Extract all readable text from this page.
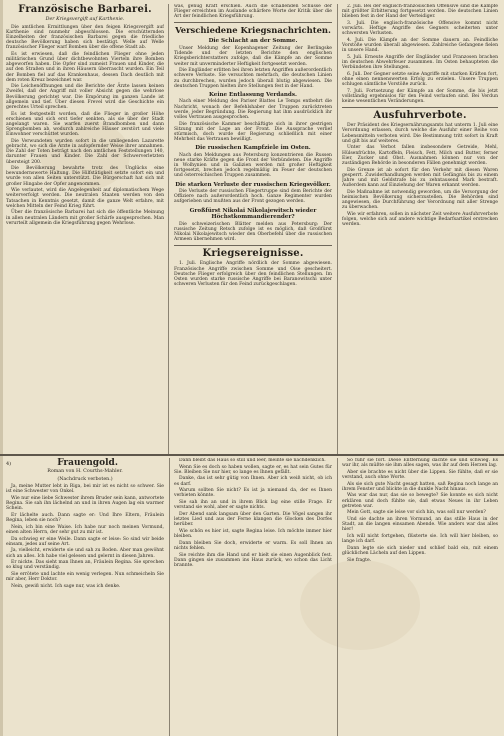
Französische Barbarei.
Der Kriegsvergift auf Karthenie.

Die amtlichen Ermittlungen über den feigen Kriegsvergift auf Karthenie sind nunmehr abgeschlossen. Die erschütternden Einzelheiten der französischen Barbarei gegen die friedliche deutsche Bevölkerung haben sich bestätigt. Welle auf Welle französischer Flieger warf Bomben über die offene Stadt ab.

Es ist erwiesen, daß die feindlichen Flieger ohne jeden militärischen Grund über dichtbewohnten Vierteln ihre Bomben abgeworfen haben. Die Opfer sind zumeist Frauen und Kinder, die auf den Straßen und in ihren Häusern überrascht wurden. Ein Teil der Bomben fiel auf das Krankenhaus, dessen Dach deutlich mit dem roten Kreuz bezeichnet war.

Die Leichenöffnungen und die Berichte der Ärzte lassen keinen Zweifel, daß der Angriff mit voller Absicht gegen die wehrlose Bevölkerung gerichtet war. Die Empörung im ganzen Lande ist allgemein und tief. Über diesen Frevel wird die Geschichte ein gerechtes Urteil sprechen.

Es ist festgestellt worden, daß die Flieger in großer Höhe erschienen und sich erst tiefer senkten, als sie über der Stadt angelangt waren. Sie warfen zuerst Brandbomben und dann Sprengbomben ab, wodurch zahlreiche Häuser zerstört und viele Einwohner verschüttet wurden.

Die Verwundeten wurden sofort in die umliegenden Lazarette gebracht, wo sich die Ärzte in aufopfernder Weise ihrer annahmen. Die Zahl der Toten beträgt nach den amtlichen Feststellungen 140, darunter Frauen und Kinder. Die Zahl der Schwerverletzten übersteigt 200.

Die Bevölkerung bewahrte trotz des Unglücks eine bewundernswerte Haltung. Die Hilfstätigkeit setzte sofort ein und wurde von allen Seiten unterstützt. Die Bürgerschaft hat sich mit großer Hingabe der Opfer angenommen.

Wie verlautet, wird die Angelegenheit auf diplomatischem Wege weiterverfolgt werden. Die neutralen Staaten werden von den Tatsachen in Kenntnis gesetzt, damit die ganze Welt erfahre, mit welchen Mitteln der Feind Krieg führt.

Über die französische Barbarei hat sich die öffentliche Meinung in allen neutralen Ländern mit großer Schärfe ausgesprochen. Man verurteilt allgemein die Kriegsführung gegen Wehrlose.

was, genug Kraft erschien. Auch die schallenden Schüsse der Flieger erreichten im Auslande schärfere Worte der Kritik über die Art der feindlichen Kriegsführung.

Verschiedene Kriegsnachrichten.
Die Schlacht an der Somme.

Unser Meldung der Kopenhagener Zeitung der Berlingske Tidende und der letzten Berichte den englischen Kriegsberichterstatters zufolge, daß die Kämpfe an der Somme weiter mit unverminderter Heftigkeit fortgesetzt werden.

Die Engländer erlitten bei ihren letzten Angriffen außerordentlich schwere Verluste. Sie versuchten mehrfach, die deutschen Linien zu durchbrechen, wurden jedoch überall blutig abgewiesen. Die deutschen Truppen hielten ihre Stellungen fest in der Hand.

Keine Entlassung Verdands.

Nach einer Meldung des Pariser Blattes Le Temps entbehrt die Nachricht, wonach der Befehlshaber der Truppen zurücktreten werde, jeder Begründung. Die Regierung hat ihm ausdrücklich ihr volles Vertrauen ausgesprochen.

Die französische Kammer beschäftigte sich in ihrer gestrigen Sitzung mit der Lage an der Front. Die Aussprache verlief stürmisch, doch wurde der Regierung schließlich mit einer Mehrheit das Vertrauen bewilligt.

Die russischen Kampfziele im Osten.

Nach den Meldungen aus Petersburg konzentrieren die Russen neue starke Kräfte gegen die Front der Verbündeten. Die Angriffe in Wolhynien und in Galizien werden mit großer Heftigkeit fortgesetzt, brechen jedoch regelmäßig im Feuer der deutschen und österreichischen Truppen zusammen.

Die starken Verluste der russischen Kriegsvölker.

Die Verluste der russischen Fliegertruppe sind dem Berichte der Offiziere nach außerordentlich hoch. Ganze Regimenter wurden aufgerieben und mußten aus der Front gezogen werden.

Großfürst Nikolai Nikolajewitsch wieder Höchstkommandierender?

Die schweizerischen Blätter melden aus Petersburg: Der russische Zeitung Retsch zufolge ist es möglich, daß Großfürst Nikolai Nikolajewitsch wieder den Oberbefehl über die russischen Armeen übernehmen wird.

Kriegsereignisse.

1. Juli. Englische Angriffe nördlich der Somme abgewiesen. Französische Angriffe zwischen Somme und Oise gescheitert. Deutsche Flieger erfolgreich über den feindlichen Stellungen. Im Osten wurden starke russische Angriffe bei Baranowitschi unter schweren Verlusten für den Feind zurückgeschlagen.

2. Juli. Bei der englisch-französischen Offensive sind die Kämpfe mit größter Erbitterung fortgesetzt worden. Die deutschen Linien blieben fest in der Hand der Verteidiger.

3. Juli. Die englisch-französische Offensive kommt nicht vorwärts. Heftige Angriffe des Gegners scheiterten unter schwersten Verlusten.

4. Juli. Die Kämpfe an der Somme dauern an. Feindliche Vorstöße wurden überall abgewiesen. Zahlreiche Gefangene fielen in unsere Hand.

5. Juli. Erneute Angriffe der Engländer und Franzosen brachen im deutschen Abwehrfeuer zusammen. Im Osten behaupteten die Verbündeten ihre Stellungen.

6. Juli. Der Gegner setzte seine Angriffe mit starken Kräften fort, ohne einen nennenswerten Erfolg zu erzielen. Unsere Truppen schlugen sämtliche Vorstöße zurück.

7. Juli. Fortsetzung der Kämpfe an der Somme, die bis jetzt vollständig ergebnislos für den Feind verlaufen sind. Bei Verdun keine wesentlichen Veränderungen.

Ausfuhrverbote.

Der Präsident des Kriegsernährungsamts hat unterm 1. Juli eine Verordnung erlassen, durch welche die Ausfuhr einer Reihe von Lebensmitteln verboten wird. Die Bestimmung tritt sofort in Kraft und gilt bis auf weiteres.

Unter das Verbot fallen insbesondere Getreide, Mehl, Hülsenfrüchte, Kartoffeln, Fleisch, Fett, Milch und Butter, ferner Eier, Zucker und Obst. Ausnahmen können nur von der zuständigen Behörde in besonderen Fällen genehmigt werden.

Die Grenze ist ab sofort für den Verkehr mit diesen Waren gesperrt. Zuwiderhandlungen werden mit Gefängnis bis zu einem Jahre und mit Geldstrafe bis zu zehntausend Mark bestraft. Außerdem kann auf Einziehung der Waren erkannt werden.

Die Maßnahme ist notwendig geworden, um die Versorgung der heimischen Bevölkerung sicherzustellen. Die Behörden sind angewiesen, die Durchführung der Verordnung mit aller Strenge zu überwachen.

Wie wir erfahren, sollen in nächster Zeit weitere Ausfuhrverbote folgen, welche sich auf andere wichtige Bedarfsartikel erstrecken werden.

4)	Frauengold.
Roman von H. Courths-Mahler.
(Nachdruck verboten.)

Ja, meine Mutter lebt in Riga, bei mir ist es nicht so schwer. Sie ist eine Schwester von Onkel.

Wie nur eine liebe Schwester ihrem Bruder sein kann, antwortete Regina. Sie sah ihn lächelnd an und in ihren Augen lag ein warmer Schein.

Er lächelte auch. Dann sagte er: Und Ihre Eltern, Fräulein Regina, leben sie noch?

Nein, ich bin eine Waise. Ich habe nur noch meinen Vormund, einen alten Herrn, der sehr gut zu mir ist.

Da schwieg er eine Weile. Dann sagte er leise: So sind wir beide einsam, jedes auf seine Art.

Ja, vielleicht, erwiderte sie und sah zu Boden. Aber man gewöhnt sich an alles. Ich habe viel gelesen und gelernt in diesen Jahren.

Er nickte. Das sieht man Ihnen an, Fräulein Regina. Sie sprechen so klug und verständig.

Sie errötete und lachte ein wenig verlegen. Nun schmeicheln Sie mir aber, Herr Doktor.

Nein, gewiß nicht. Ich sage nur, was ich denke.

Dann bleibt das Haus so still und leer, meinte sie nachdenklich.

Wenn Sie es doch so haben wollen, sagte er, es hat sein Gutes für Sie. Bleiben Sie nur hier, so lange es Ihnen gefällt.

Danke, das ist sehr gütig von Ihnen. Aber ich weiß nicht, ob ich es darf.

Warum sollten Sie nicht? Es ist ja niemand da, der es Ihnen verbieten könnte.

Sie sah ihn an und in ihrem Blick lag eine stille Frage. Er verstand sie wohl, aber er sagte nichts.

Der Abend sank langsam über den Garten. Die Vögel sangen ihr letztes Lied und aus der Ferne klangen die Glocken des Dorfes herüber.

Wie schön es hier ist, sagte Regina leise. Ich möchte immer hier bleiben.

Dann bleiben Sie doch, erwiderte er warm. Es soll Ihnen an nichts fehlen.

Sie reichte ihm die Hand und er hielt sie einen Augenblick fest. Dann gingen sie zusammen ins Haus zurück, wo schon das Licht brannte.

So fuhr sie fort. Diese Entfernung dachte sie und schwieg. Es war ihr, als müßte sie ihm alles sagen, was ihr auf dem Herzen lag.

Aber sie brachte es nicht über die Lippen. Sie fühlte, daß er sie verstand, auch ohne Worte.

Als sie sich gute Nacht gesagt hatten, saß Regina noch lange an ihrem Fenster und blickte in die dunkle Nacht hinaus.

Was war das nur, das sie so bewegte? Sie konnte es sich nicht erklären und doch fühlte sie, daß etwas Neues in ihr Leben getreten war.

Mein Gott, sagte sie leise vor sich hin, was soll nur werden?

Und sie dachte an ihren Vormund, an das stille Haus in der Stadt, an die langen einsamen Abende. Wie anders war das alles hier!

Ich will nicht fortgehen, flüsterte sie. Ich will hier bleiben, so lange ich darf.

Dann legte sie sich nieder und schlief bald ein, mit einem glücklichen Lächeln auf den Lippen.

Sie fragte.
